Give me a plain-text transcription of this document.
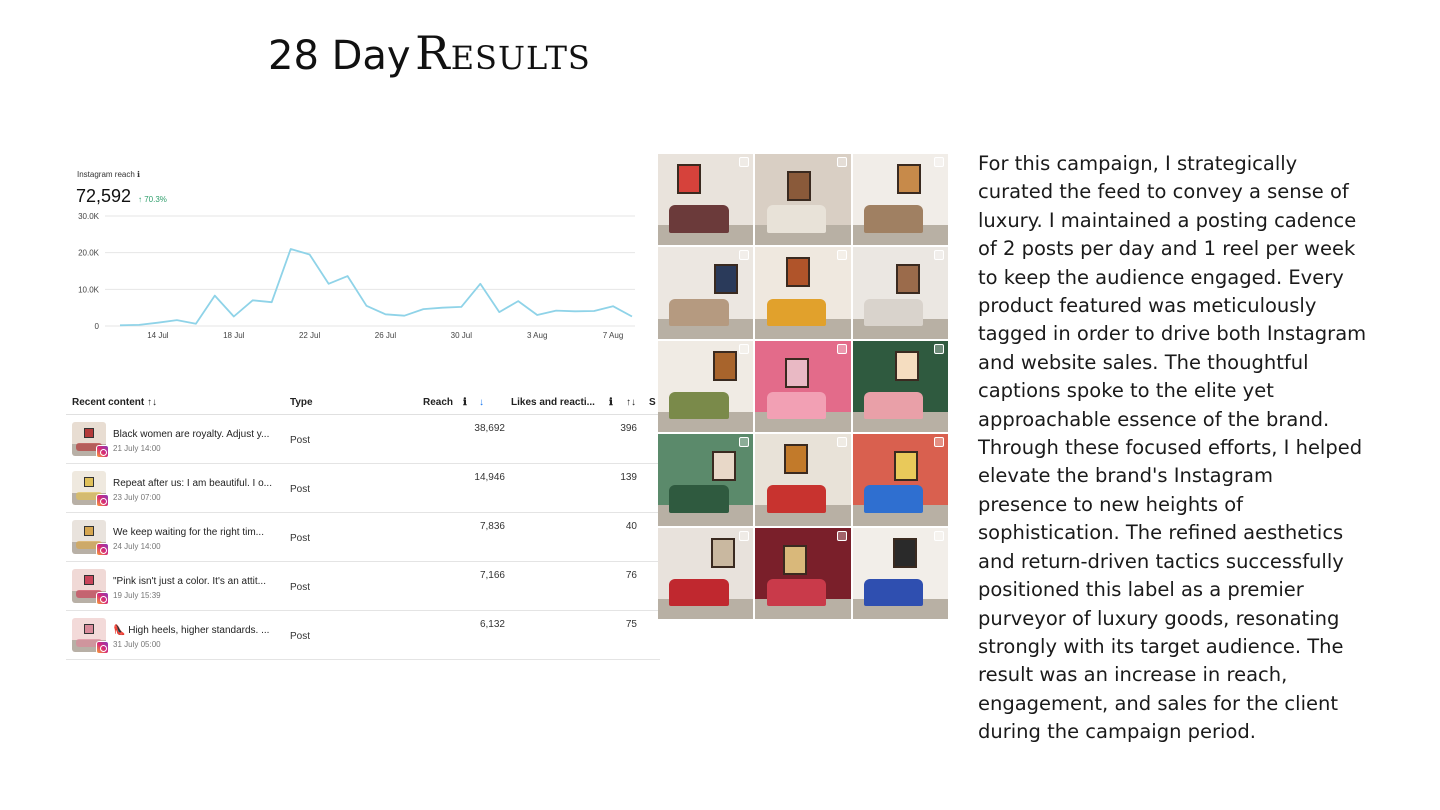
28 Day Results
30.0K
20.0K
10.0K
0
14 Jul	18 Jul	22 Jul	26 Jul	30 Jul	3 Aug	7 Aug
Instagram reach ℹ
72,592 ↑ 70.3%
Recent content ↑↓	Type	Reach ℹ ↓	Likes and reacti... ℹ ↑↓ S
Black women are royalty. Adjust y...
21 July 14:00
Post
38,692	396
Repeat after us: I am beautiful. I o...
23 July 07:00
Post
14,946	139
We keep waiting for the right tim...
24 July 14:00
Post
7,836	40
"Pink isn't just a color. It's an attit...
19 July 15:39
Post
7,166	76
👠 High heels, higher standards. ...
31 July 05:00
Post
6,132	75
For this campaign, I strategically curated the feed to convey a sense of luxury. I maintained a posting cadence of 2 posts per day and 1 reel per week to keep the audience engaged. Every product featured was meticulously tagged in order to drive both Instagram and website sales. The thoughtful captions spoke to the elite yet approachable essence of the brand. Through these focused efforts, I helped elevate the brand's Instagram presence to new heights of sophistication. The refined aesthetics and return-driven tactics successfully positioned this label as a premier purveyor of luxury goods, resonating strongly with its target audience. The result was an increase in reach, engagement, and sales for the client during the campaign period.
